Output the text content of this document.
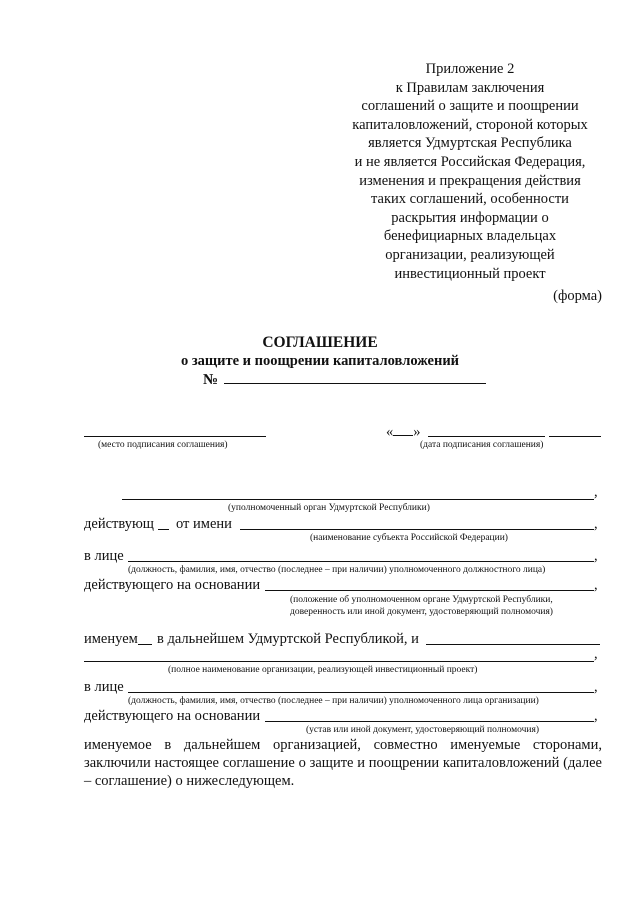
Приложение 2
к Правилам заключения
соглашений о защите и поощрении
капиталовложений, стороной которых
является Удмуртская Республика
и не является Российская Федерация,
изменения и прекращения действия
таких соглашений, особенности
раскрытия информации о
бенефициарных владельцах
организации, реализующей
инвестиционный проект
(форма)
СОГЛАШЕНИЕ
о защите и поощрении капиталовложений
№
(место подписания соглашения)
« »
(дата подписания соглашения)
,
(уполномоченный орган Удмуртской Республики)
действующ от имени	,
(наименование субъекта Российской Федерации)
в лице	,
(должность, фамилия, имя, отчество (последнее – при наличии) уполномоченного должностного лица)
действующего на основании	,
(положение об уполномоченном органе Удмуртской Республики,
доверенность или иной документ, удостоверяющий полномочия)
именуем в дальнейшем Удмуртской Республикой, и
,
(полное наименование организации, реализующей инвестиционный проект)
в лице	,
(должность, фамилия, имя, отчество (последнее – при наличии) уполномоченного лица организации)
действующего на основании	,
(устав или иной документ, удостоверяющий полномочия)
именуемое в дальнейшем организацией, совместно именуемые сторонами, заключили настоящее соглашение о защите и поощрении капиталовложений (далее – соглашение) о нижеследующем.
